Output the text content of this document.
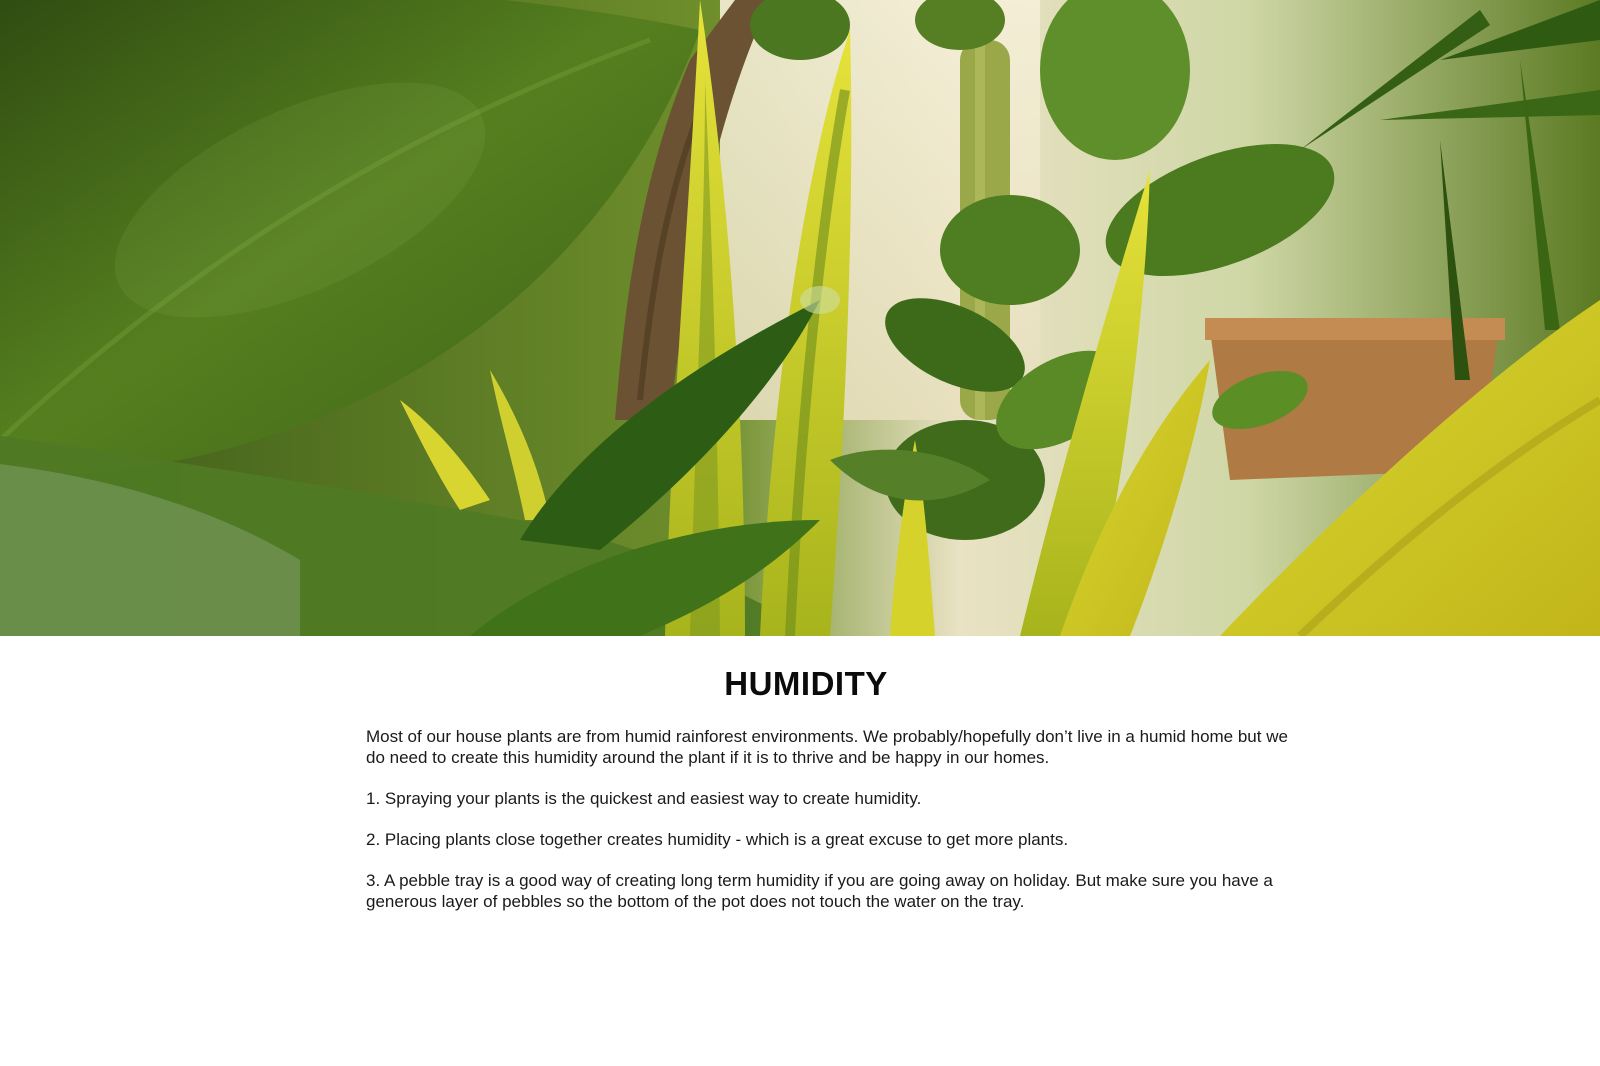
HUMIDITY

Most of our house plants are from humid rainforest environments. We probably/hopefully don’t live in a humid home but we do need to create this humidity around the plant if it is to thrive and be happy in our homes.

1. Spraying your plants is the quickest and easiest way to create humidity.

2. Placing plants close together creates humidity - which is a great excuse to get more plants.

3. A pebble tray is a good way of creating long term humidity if you are going away on holiday. But make sure you have a generous layer of pebbles so the bottom of the pot does not touch the water on the tray.
